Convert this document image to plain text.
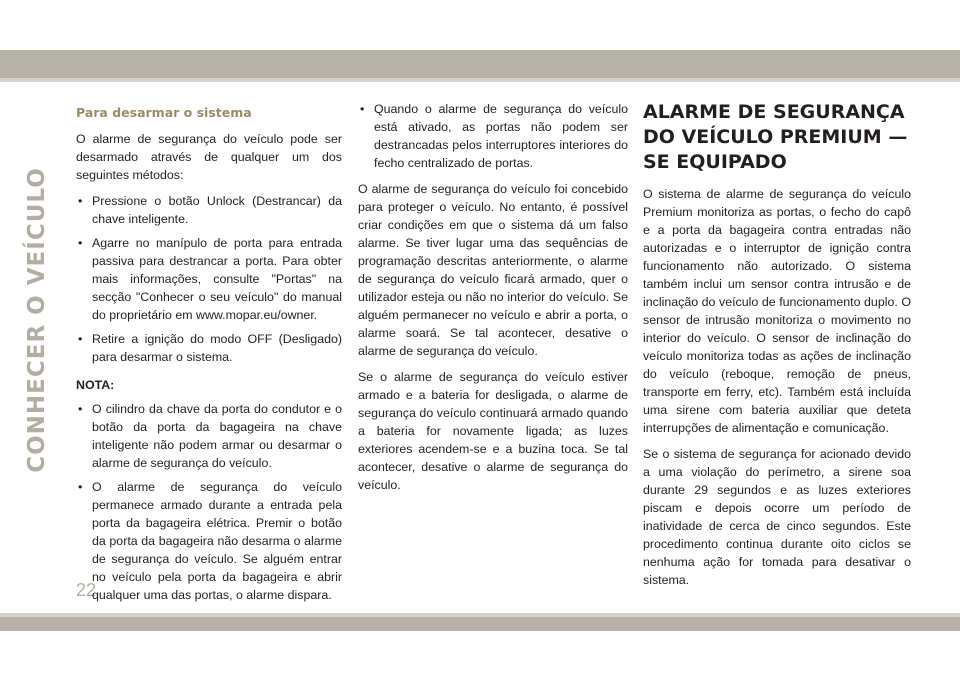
CONHECER O VEÍCULO
22
Para desarmar o sistema

O alarme de segurança do veículo pode ser desarmado através de qualquer um dos seguintes métodos:

• Pressione o botão Unlock (Destrancar) da chave inteligente.
• Agarre no manípulo de porta para entrada passiva para destrancar a porta. Para obter mais informações, consulte "Portas" na secção "Conhecer o seu veículo" do manual do proprietário em www.mopar.eu/owner.
• Retire a ignição do modo OFF (Desligado) para desarmar o sistema.
NOTA:
• O cilindro da chave da porta do condutor e o botão da porta da bagageira na chave inteligente não podem armar ou desarmar o alarme de segurança do veículo.
• O alarme de segurança do veículo permanece armado durante a entrada pela porta da bagageira elétrica. Premir o botão da porta da bagageira não desarma o alarme de segurança do veículo. Se alguém entrar no veículo pela porta da bagageira e abrir qualquer uma das portas, o alarme dispara.
• Quando o alarme de segurança do veículo está ativado, as portas não podem ser destrancadas pelos interruptores interiores do fecho centralizado de portas.

O alarme de segurança do veículo foi concebido para proteger o veículo. No entanto, é possível criar condições em que o sistema dá um falso alarme. Se tiver lugar uma das sequências de programação descritas anteriormente, o alarme de segurança do veículo ficará armado, quer o utilizador esteja ou não no interior do veículo. Se alguém permanecer no veículo e abrir a porta, o alarme soará. Se tal acontecer, desative o alarme de segurança do veículo.

Se o alarme de segurança do veículo estiver armado e a bateria for desligada, o alarme de segurança do veículo continuará armado quando a bateria for novamente ligada; as luzes exteriores acendem-se e a buzina toca. Se tal acontecer, desative o alarme de segurança do veículo.

ALARME DE SEGURANÇA
DO VEÍCULO PREMIUM —
SE EQUIPADO

O sistema de alarme de segurança do veículo Premium monitoriza as portas, o fecho do capô e a porta da bagageira contra entradas não autorizadas e o interruptor de ignição contra funcionamento não autorizado. O sistema também inclui um sensor contra intrusão e de inclinação do veículo de funcionamento duplo. O sensor de intrusão monitoriza o movimento no interior do veículo. O sensor de inclinação do veículo monitoriza todas as ações de inclinação do veículo (reboque, remoção de pneus, transporte em ferry, etc). Também está incluída uma sirene com bateria auxiliar que deteta interrupções de alimentação e comunicação.

Se o sistema de segurança for acionado devido a uma violação do perímetro, a sirene soa durante 29 segundos e as luzes exteriores piscam e depois ocorre um período de inatividade de cerca de cinco segundos. Este procedimento continua durante oito ciclos se nenhuma ação for tomada para desativar o sistema.
